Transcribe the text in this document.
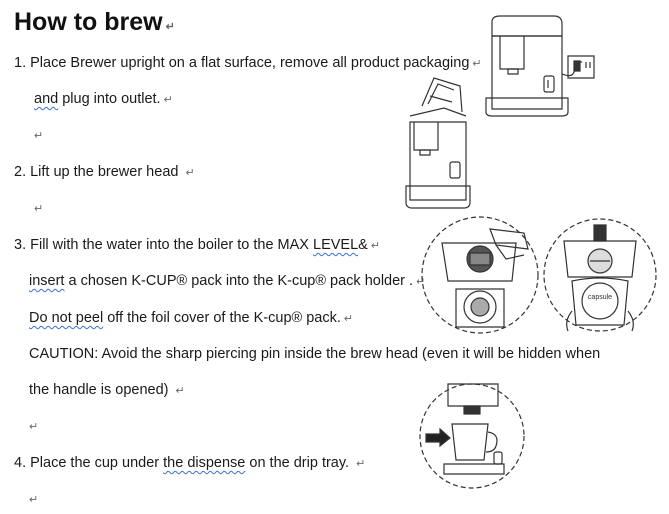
How to brew ↵
1. Place Brewer upright on a flat surface, remove all product packaging ↵
and plug into outlet. ↵
↵
2. Lift up the brewer head ↵
↵
3. Fill with the water into the boiler to the MAX LEVEL& ↵
insert a chosen K-CUP® pack into the K-cup® pack holder . ↵
Do not peel off the foil cover of the K-cup® pack. ↵
CAUTION: Avoid the sharp piercing pin inside the brew head (even it will be hidden when
the handle is opened) ↵
↵
4. Place the cup under the dispense on the drip tray. ↵
↵
capsule
